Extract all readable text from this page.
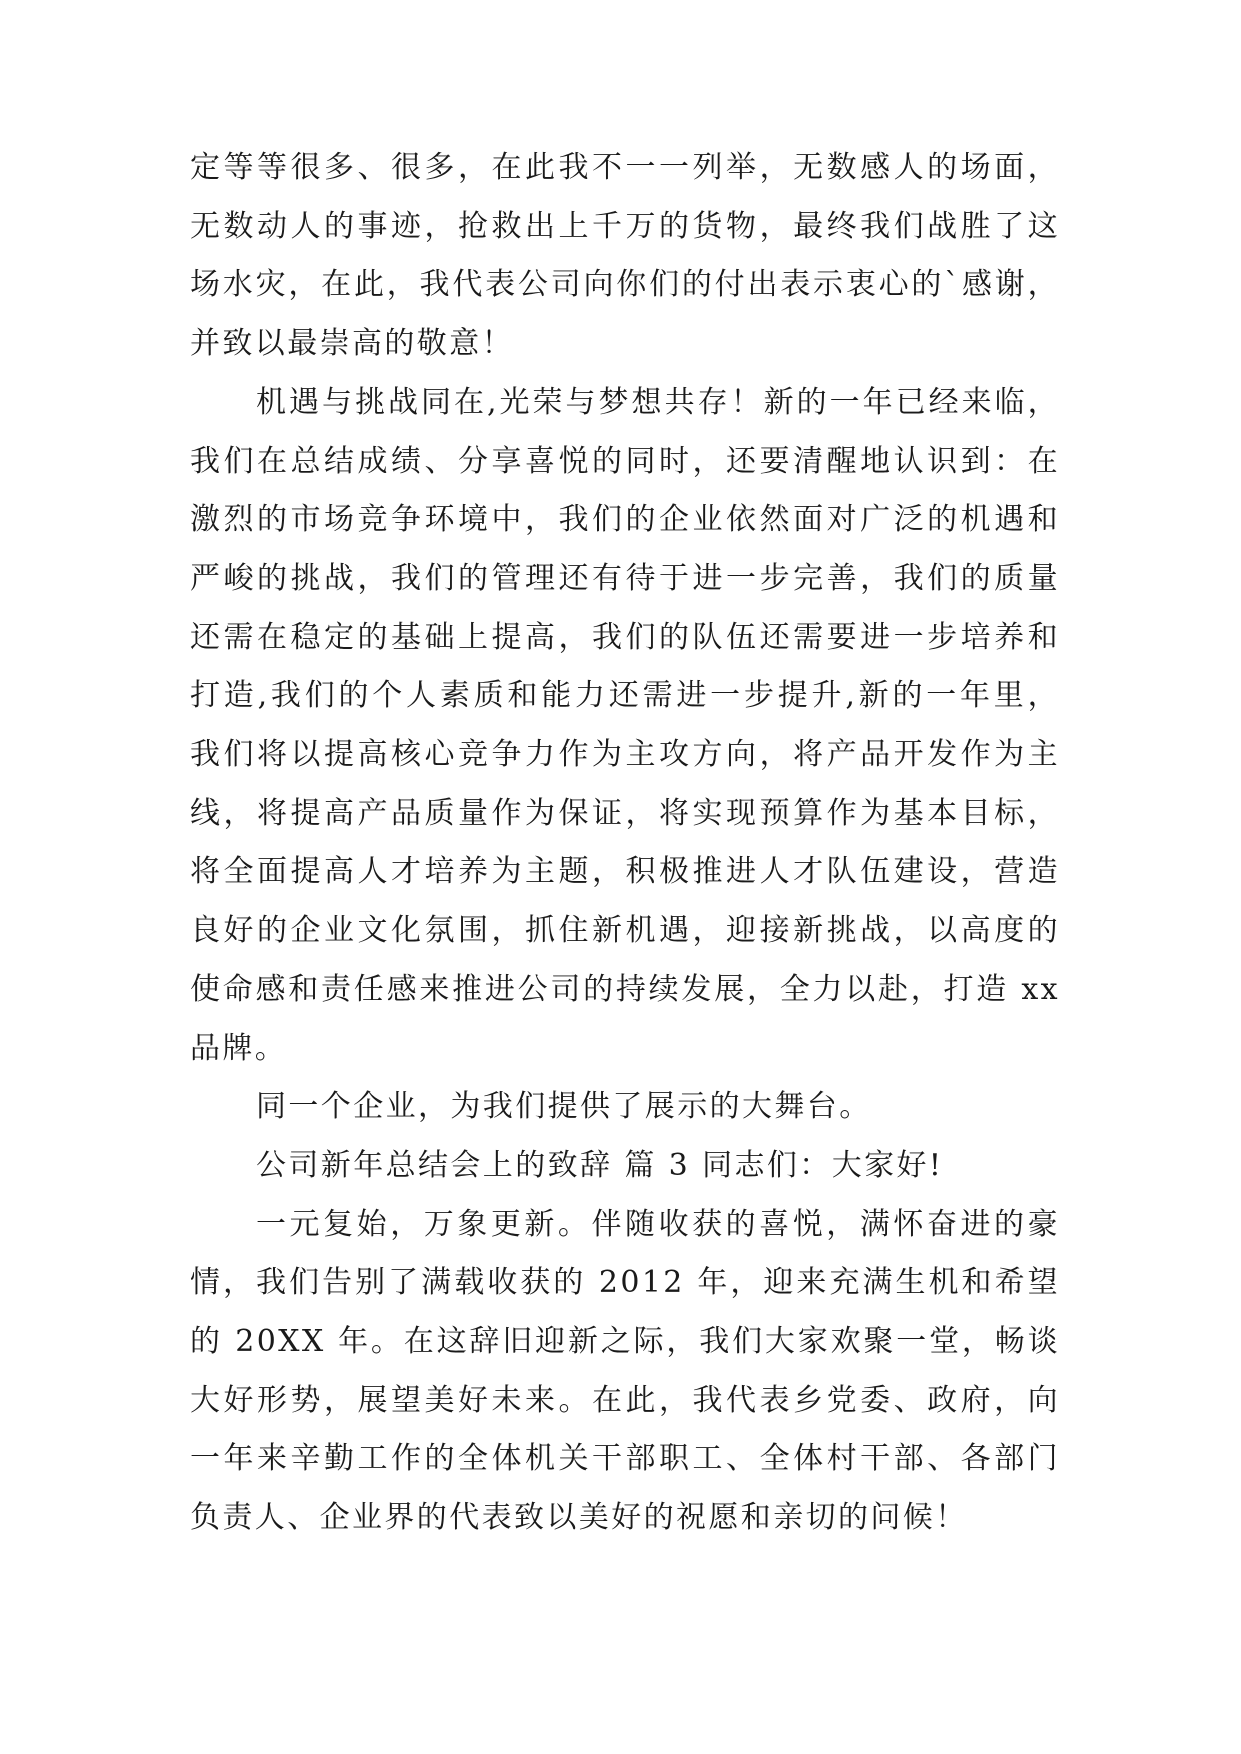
定等等很多、很多，在此我不一一列举，无数感人的场面，
无数动人的事迹，抢救出上千万的货物，最终我们战胜了这
场水灾，在此，我代表公司向你们的付出表示衷心的`感谢，
并致以最崇高的敬意！
机遇与挑战同在,光荣与梦想共存！新的一年已经来临，
我们在总结成绩、分享喜悦的同时，还要清醒地认识到：在
激烈的市场竞争环境中，我们的企业依然面对广泛的机遇和
严峻的挑战，我们的管理还有待于进一步完善，我们的质量
还需在稳定的基础上提高，我们的队伍还需要进一步培养和
打造,我们的个人素质和能力还需进一步提升,新的一年里，
我们将以提高核心竞争力作为主攻方向，将产品开发作为主
线，将提高产品质量作为保证，将实现预算作为基本目标，
将全面提高人才培养为主题，积极推进人才队伍建设，营造
良好的企业文化氛围，抓住新机遇，迎接新挑战，以高度的
使命感和责任感来推进公司的持续发展，全力以赴，打造 xx
品牌。
同一个企业，为我们提供了展示的大舞台。
公司新年总结会上的致辞 篇 3 同志们：大家好!
一元复始，万象更新。伴随收获的喜悦，满怀奋进的豪
情，我们告别了满载收获的 2012 年，迎来充满生机和希望
的 20XX 年。在这辞旧迎新之际，我们大家欢聚一堂，畅谈
大好形势，展望美好未来。在此，我代表乡党委、政府，向
一年来辛勤工作的全体机关干部职工、全体村干部、各部门
负责人、企业界的代表致以美好的祝愿和亲切的问候！
